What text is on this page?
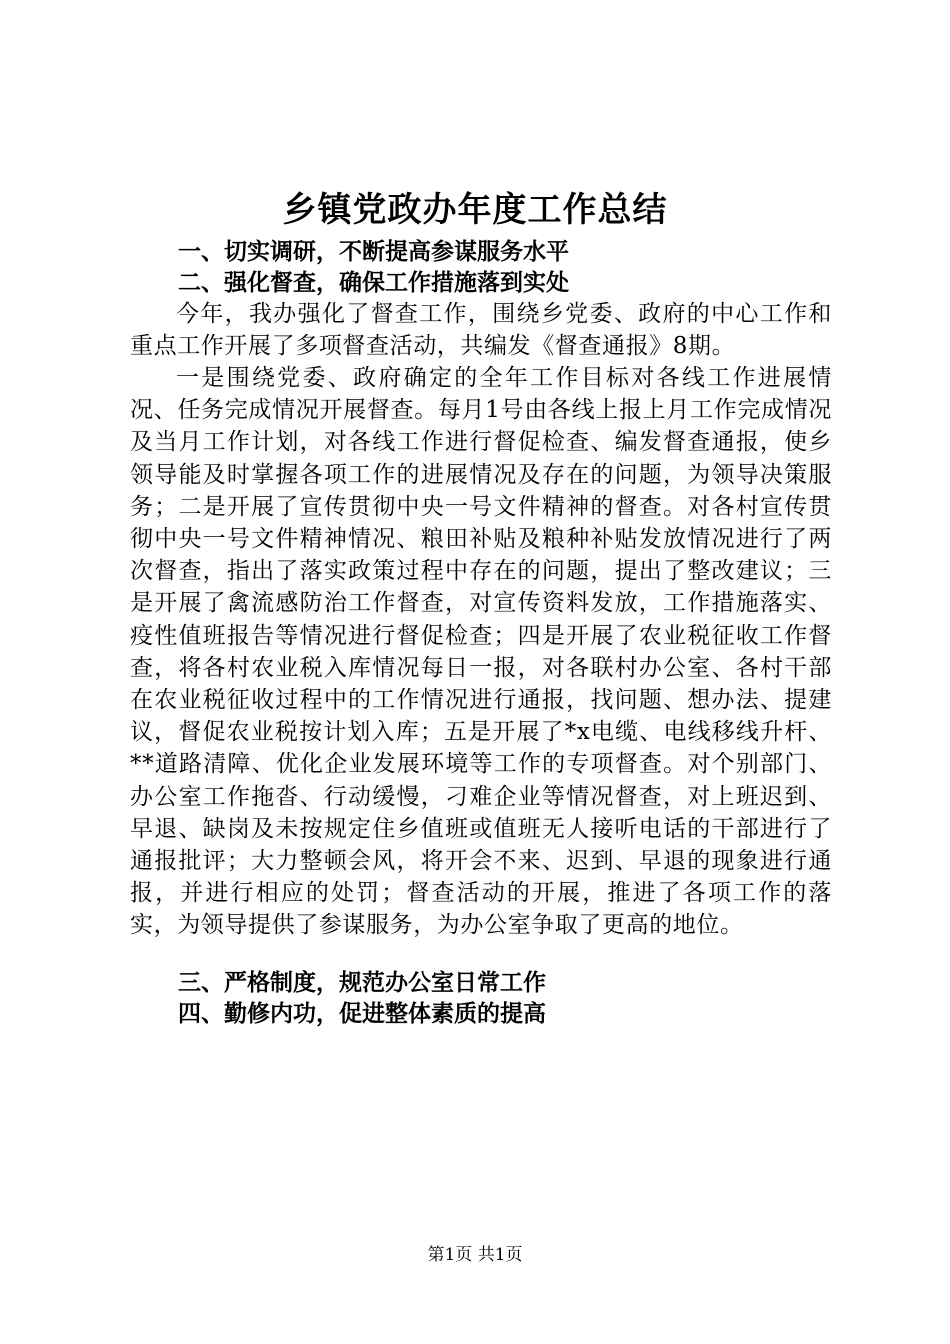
乡镇党政办年度工作总结
一、切实调研，不断提高参谋服务水平
二、强化督查，确保工作措施落到实处

今年，我办强化了督查工作，围绕乡党委、政府的中心工作和重点工作开展了多项督查活动，共编发《督查通报》8期。

一是围绕党委、政府确定的全年工作目标对各线工作进展情况、任务完成情况开展督查。每月1号由各线上报上月工作完成情况及当月工作计划，对各线工作进行督促检查、编发督查通报，使乡领导能及时掌握各项工作的进展情况及存在的问题，为领导决策服务；二是开展了宣传贯彻中央一号文件精神的督查。对各村宣传贯彻中央一号文件精神情况、粮田补贴及粮种补贴发放情况进行了两次督查，指出了落实政策过程中存在的问题，提出了整改建议；三是开展了禽流感防治工作督查，对宣传资料发放，工作措施落实、疫性值班报告等情况进行督促检查；四是开展了农业税征收工作督查，将各村农业税入库情况每日一报，对各联村办公室、各村干部在农业税征收过程中的工作情况进行通报，找问题、想办法、提建议，督促农业税按计划入库；五是开展了*x电缆、电线移线升杆、**道路清障、优化企业发展环境等工作的专项督查。对个别部门、办公室工作拖沓、行动缓慢，刁难企业等情况督查，对上班迟到、早退、缺岗及未按规定住乡值班或值班无人接听电话的干部进行了通报批评；大力整顿会风，将开会不来、迟到、早退的现象进行通报，并进行相应的处罚；督查活动的开展，推进了各项工作的落实，为领导提供了参谋服务，为办公室争取了更高的地位。

三、严格制度，规范办公室日常工作
四、勤修内功，促进整体素质的提高
第1页 共1页
